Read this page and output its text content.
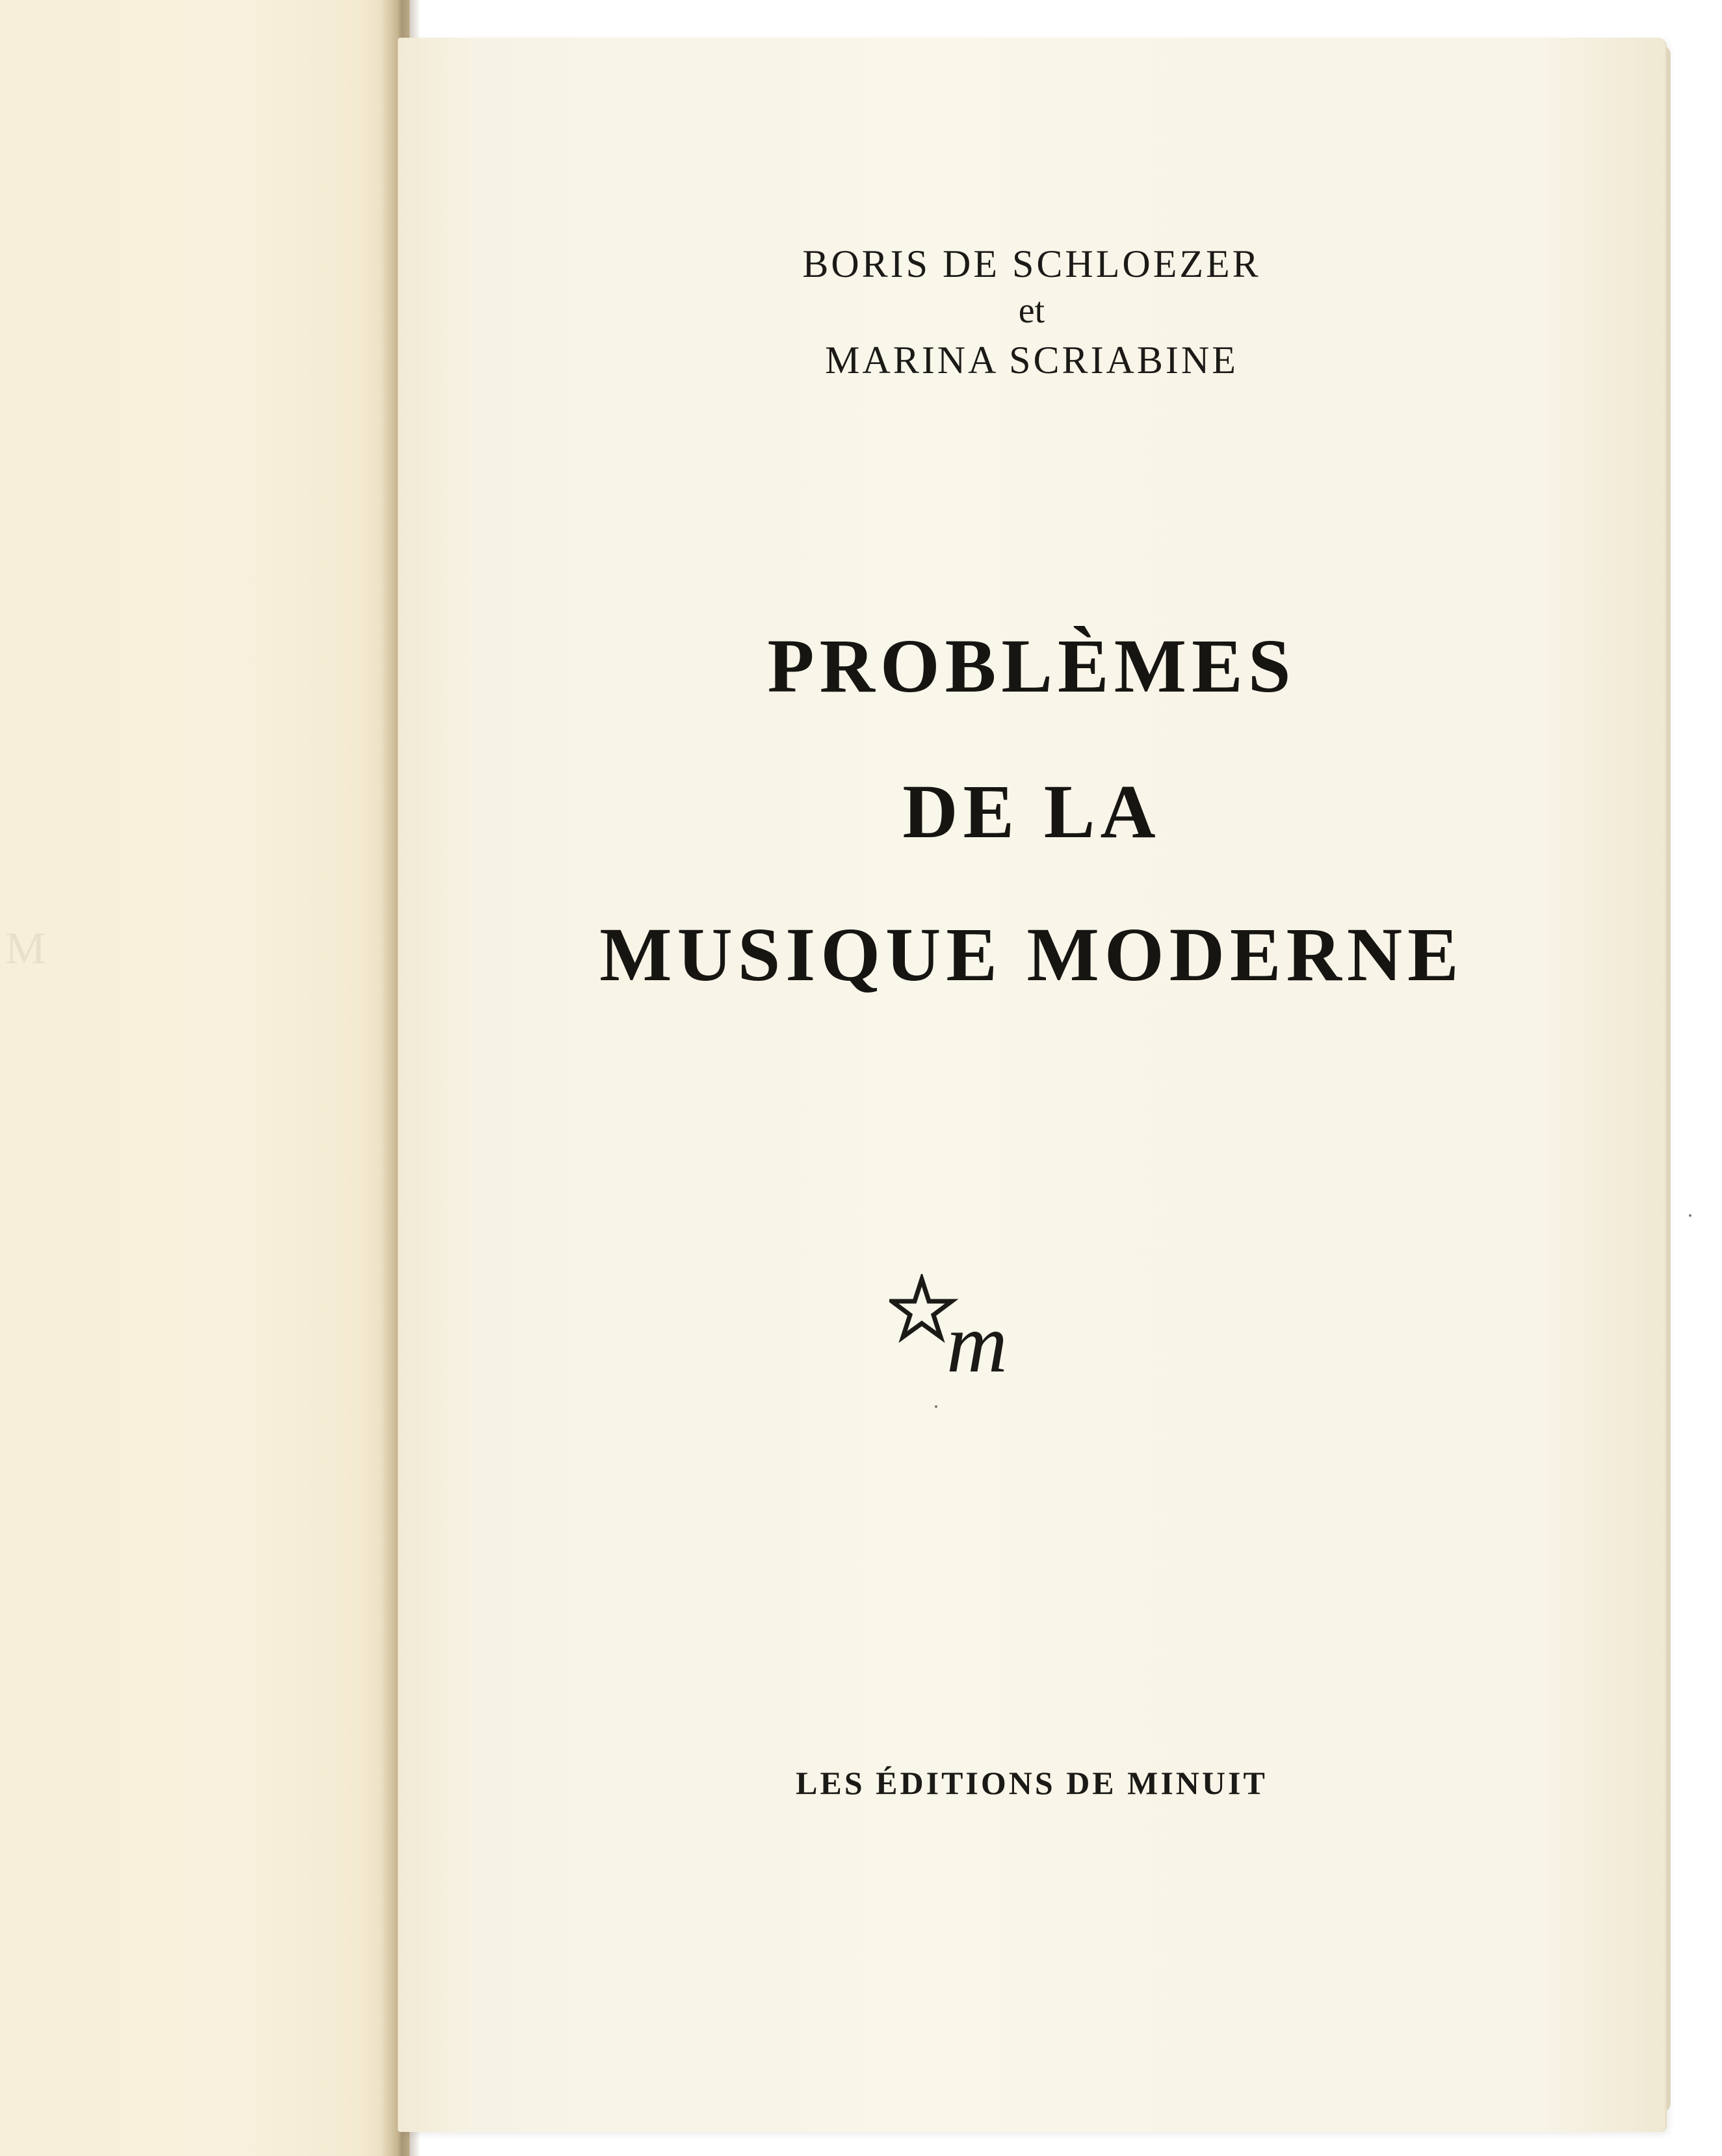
M
BORIS DE SCHLOEZER
et
MARINA SCRIABINE
PROBLÈMES
DE LA
MUSIQUE MODERNE
LES ÉDITIONS DE MINUIT
m
